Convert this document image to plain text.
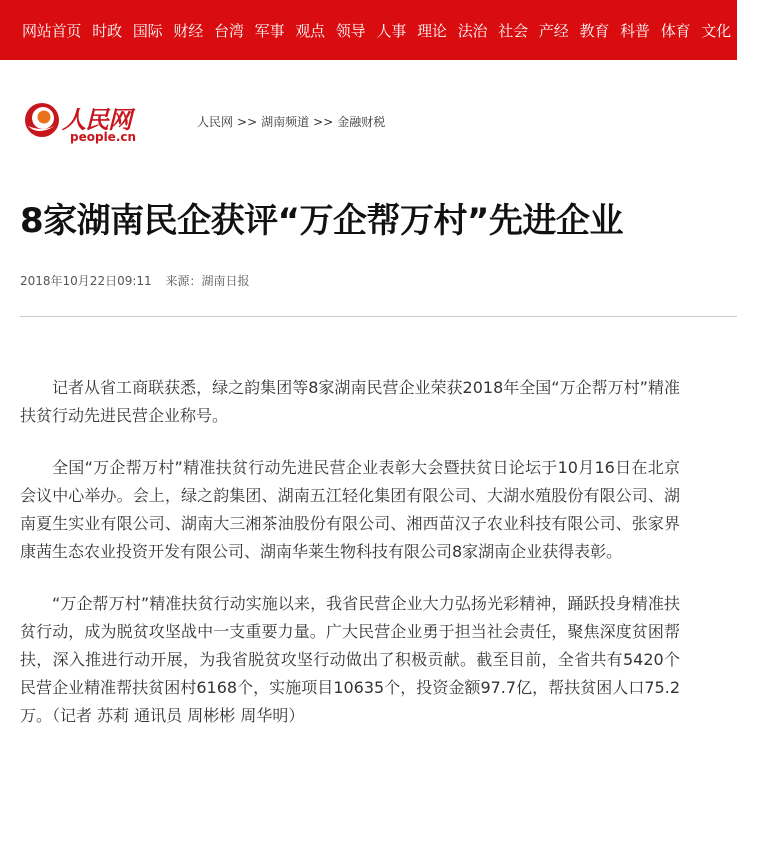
网站首页 时政 国际 财经 台湾 军事 观点 领导 人事 理论 法治 社会 产经 教育 科普 体育 文化 书画
人民网
people.cn
人民网 >> 湖南频道 >> 金融财税
8家湖南民企获评“万企帮万村”先进企业
2018年10月22日09:11 来源：湖南日报

记者从省工商联获悉，绿之韵集团等8家湖南民营企业荣获2018年全国“万企帮万村”精准扶贫行动先进民营企业称号。

全国“万企帮万村”精准扶贫行动先进民营企业表彰大会暨扶贫日论坛于10月16日在北京会议中心举办。会上，绿之韵集团、湖南五江轻化集团有限公司、大湖水殖股份有限公司、湖南夏生实业有限公司、湖南大三湘茶油股份有限公司、湘西苗汉子农业科技有限公司、张家界康茜生态农业投资开发有限公司、湖南华莱生物科技有限公司8家湖南企业获得表彰。

“万企帮万村”精准扶贫行动实施以来，我省民营企业大力弘扬光彩精神，踊跃投身精准扶贫行动，成为脱贫攻坚战中一支重要力量。广大民营企业勇于担当社会责任，聚焦深度贫困帮扶，深入推进行动开展，为我省脱贫攻坚行动做出了积极贡献。截至目前，全省共有5420个民营企业精准帮扶贫困村6168个，实施项目10635个，投资金额97.7亿，帮扶贫困人口75.2万。（记者 苏莉 通讯员 周彬彬 周华明）
